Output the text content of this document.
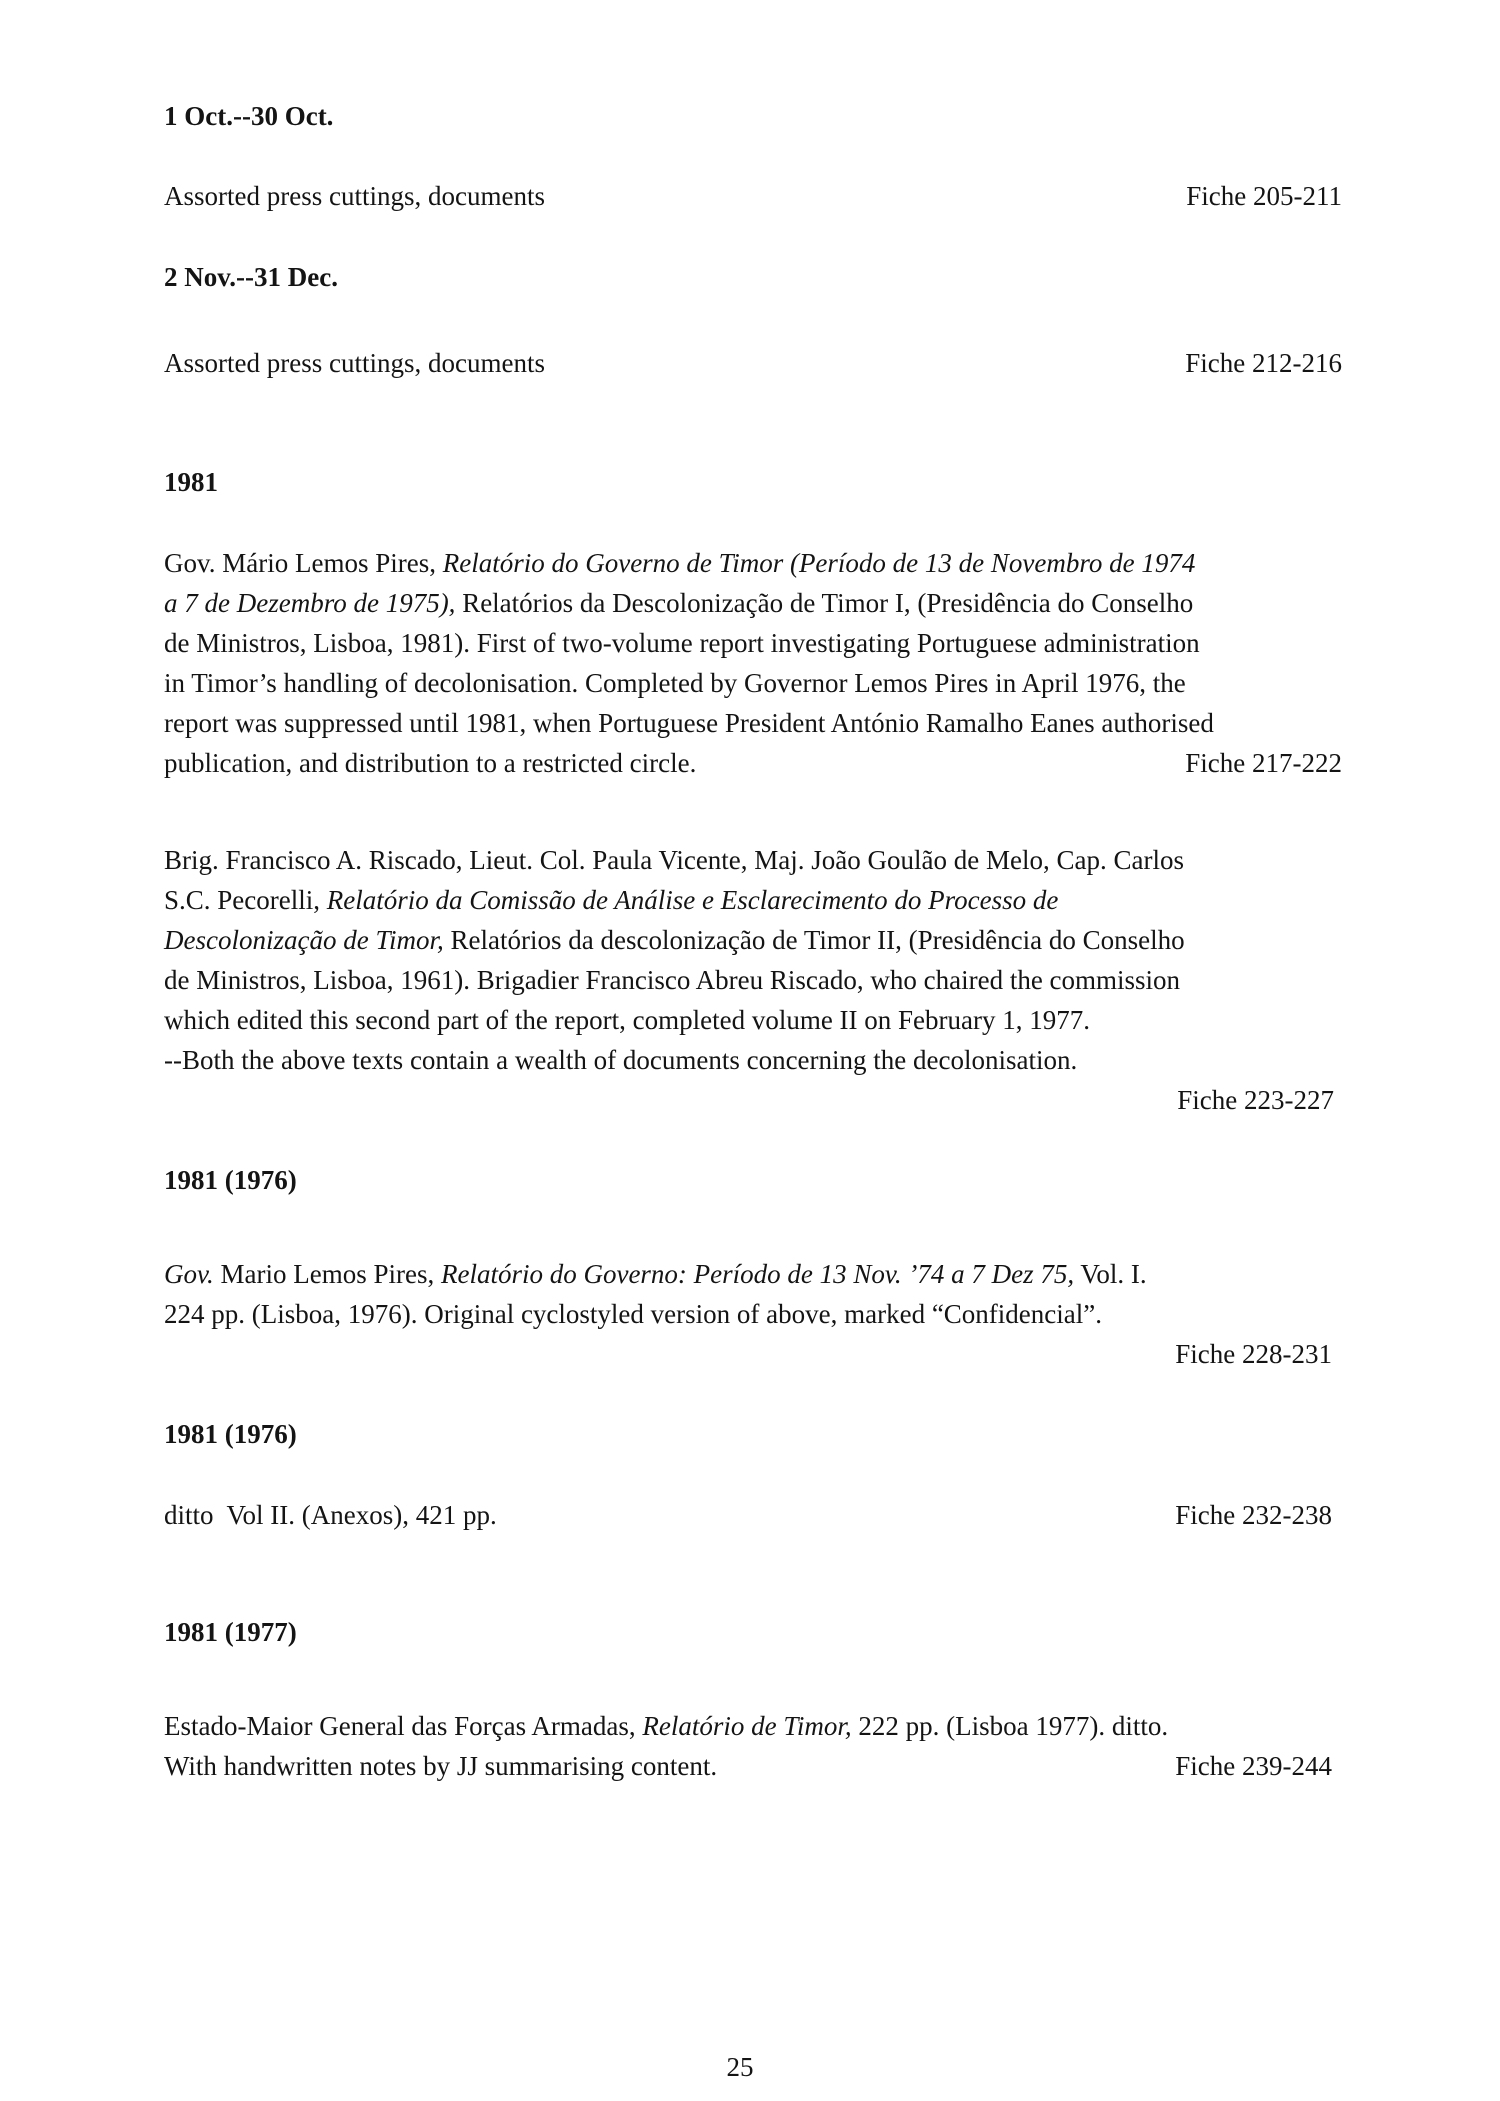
1 Oct.--30 Oct.
Assorted press cuttings, documents	Fiche 205-211
2 Nov.--31 Dec.
Assorted press cuttings, documents	Fiche 212-216
1981
Gov. Mário Lemos Pires, Relatório do Governo de Timor (Período de 13 de Novembro de 1974
a 7 de Dezembro de 1975), Relatórios da Descolonização de Timor I, (Presidência do Conselho
de Ministros, Lisboa, 1981). First of two-volume report investigating Portuguese administration
in Timor’s handling of decolonisation. Completed by Governor Lemos Pires in April 1976, the
report was suppressed until 1981, when Portuguese President António Ramalho Eanes authorised
publication, and distribution to a restricted circle.	Fiche 217-222
Brig. Francisco A. Riscado, Lieut. Col. Paula Vicente, Maj. João Goulão de Melo, Cap. Carlos
S.C. Pecorelli, Relatório da Comissão de Análise e Esclarecimento do Processo de
Descolonização de Timor, Relatórios da descolonização de Timor II, (Presidência do Conselho
de Ministros, Lisboa, 1961). Brigadier Francisco Abreu Riscado, who chaired the commission
which edited this second part of the report, completed volume II on February 1, 1977.
--Both the above texts contain a wealth of documents concerning the decolonisation.
Fiche 223-227
1981 (1976)
Gov. Mario Lemos Pires, Relatório do Governo: Período de 13 Nov. ’74 a 7 Dez 75, Vol. I.
224 pp. (Lisboa, 1976). Original cyclostyled version of above, marked “Confidencial”.
Fiche 228-231
1981 (1976)
ditto  Vol II. (Anexos), 421 pp.	Fiche 232-238
1981 (1977)
Estado-Maior General das Forças Armadas, Relatório de Timor, 222 pp. (Lisboa 1977). ditto.
With handwritten notes by JJ summarising content.	Fiche 239-244
25
